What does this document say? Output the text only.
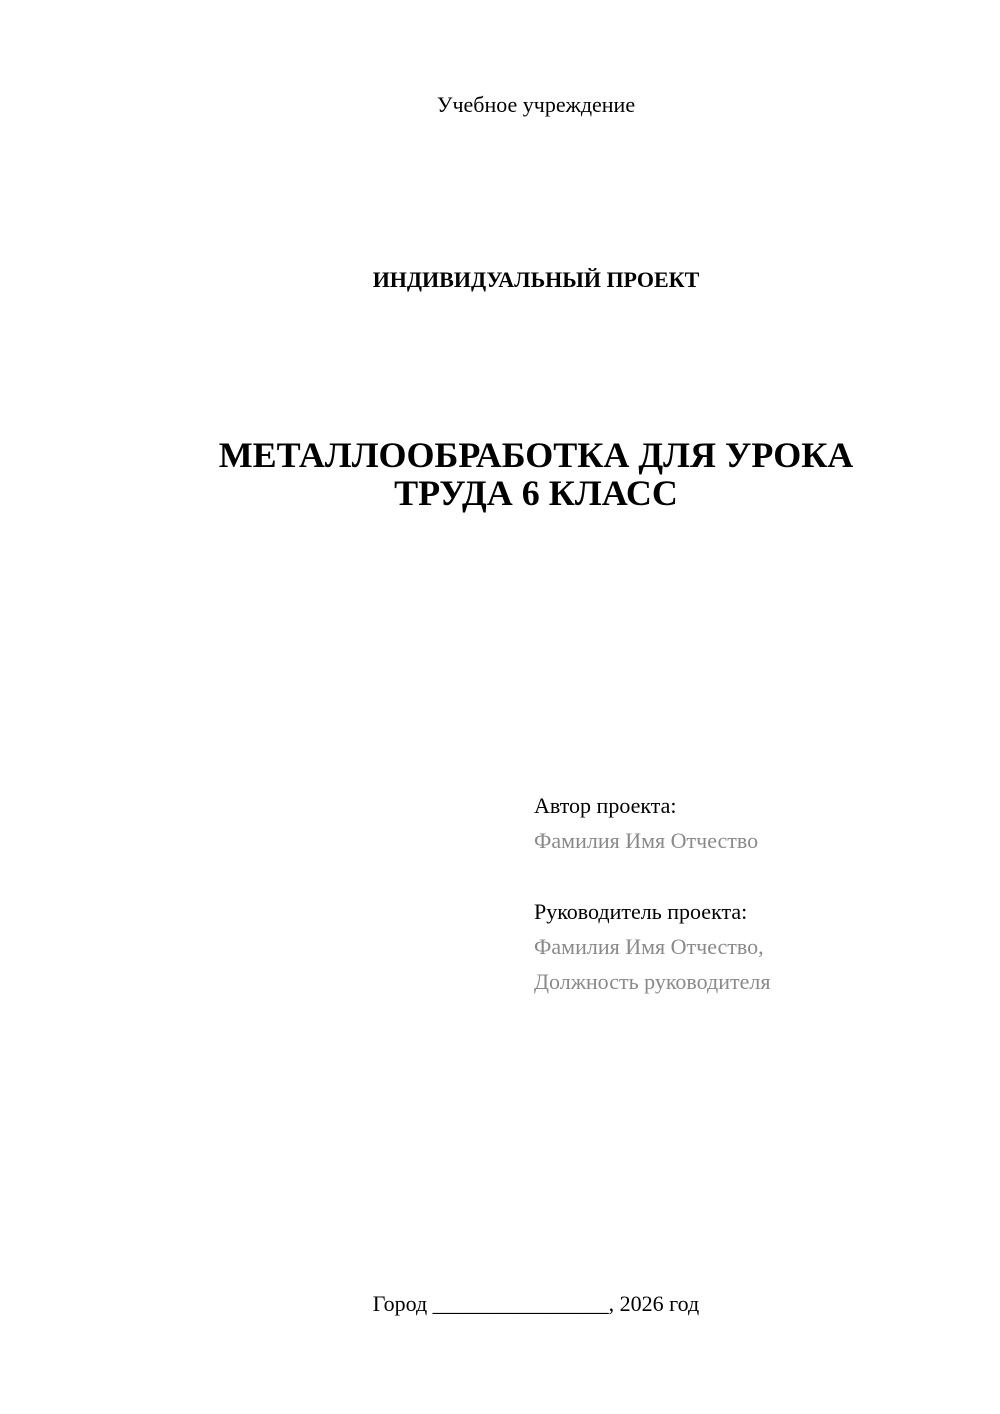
Учебное учреждение
ИНДИВИДУАЛЬНЫЙ ПРОЕКТ
МЕТАЛЛООБРАБОТКА ДЛЯ УРОКА
ТРУДА 6 КЛАСС
Автор проекта:
Фамилия Имя Отчество
Руководитель проекта:
Фамилия Имя Отчество,
Должность руководителя
Город ________________, 2026 год
